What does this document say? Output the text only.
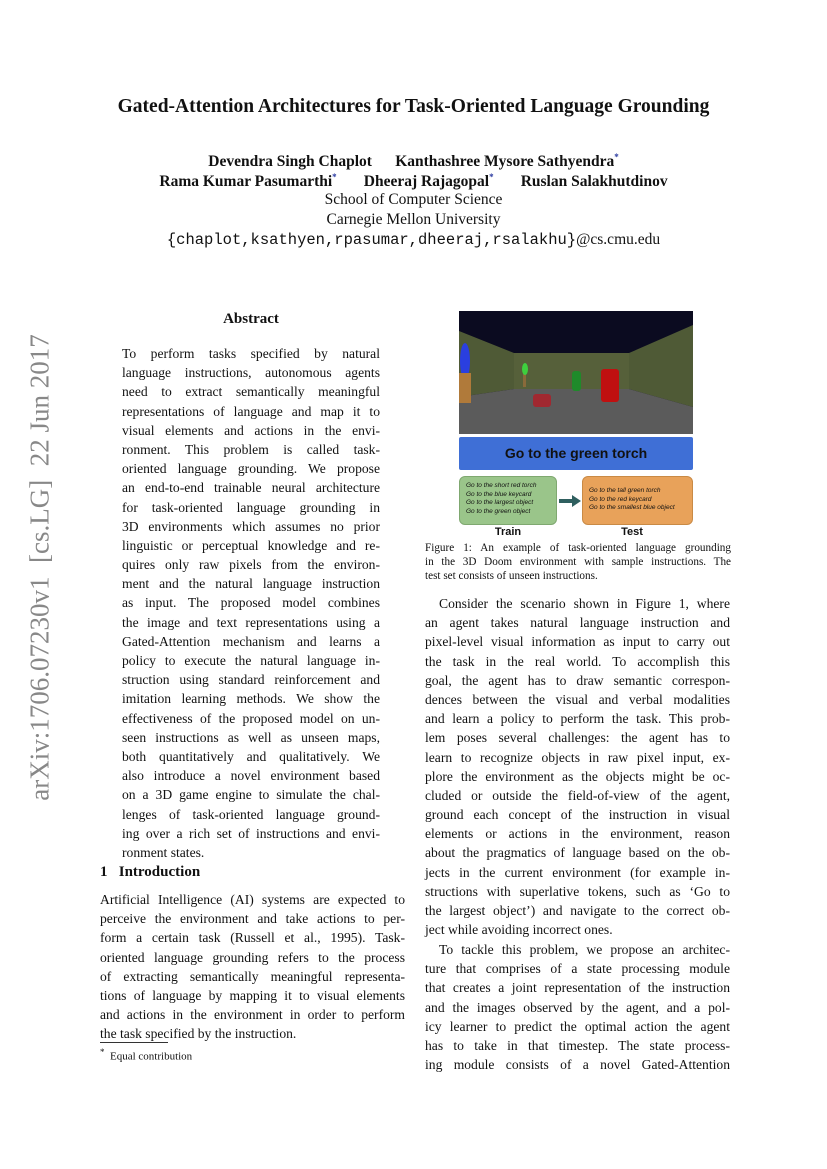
arXiv:1706.07230v1  [cs.LG]  22 Jun 2017
Gated-Attention Architectures for Task-Oriented Language Grounding
Devendra Singh Chaplot Kanthashree Mysore Sathyendra*
Rama Kumar Pasumarthi* Dheeraj Rajagopal* Ruslan Salakhutdinov
School of Computer Science
Carnegie Mellon University
{chaplot,ksathyen,rpasumar,dheeraj,rsalakhu}@cs.cmu.edu
Abstract
To perform tasks specified by natural
language instructions, autonomous agents
need to extract semantically meaningful
representations of language and map it to
visual elements and actions in the envi-
ronment. This problem is called task-
oriented language grounding. We propose
an end-to-end trainable neural architecture
for task-oriented language grounding in
3D environments which assumes no prior
linguistic or perceptual knowledge and re-
quires only raw pixels from the environ-
ment and the natural language instruction
as input. The proposed model combines
the image and text representations using a
Gated-Attention mechanism and learns a
policy to execute the natural language in-
struction using standard reinforcement and
imitation learning methods. We show the
effectiveness of the proposed model on un-
seen instructions as well as unseen maps,
both quantitatively and qualitatively. We
also introduce a novel environment based
on a 3D game engine to simulate the chal-
lenges of task-oriented language ground-
ing over a rich set of instructions and envi-
ronment states.
1 Introduction
Artificial Intelligence (AI) systems are expected to
perceive the environment and take actions to per-
form a certain task (Russell et al., 1995). Task-
oriented language grounding refers to the process
of extracting semantically meaningful representa-
tions of language by mapping it to visual elements
and actions in the environment in order to perform
the task specified by the instruction.
* Equal contribution
Go to the green torch
Go to the short red torch
Go to the blue keycard
Go to the largest object
Go to the green object
Go to the tall green torch
Go to the red keycard
Go to the smallest blue object
Train	Test
Figure 1: An example of task-oriented language grounding
in the 3D Doom environment with sample instructions. The
test set consists of unseen instructions.
Consider the scenario shown in Figure 1, where
an agent takes natural language instruction and
pixel-level visual information as input to carry out
the task in the real world. To accomplish this
goal, the agent has to draw semantic correspon-
dences between the visual and verbal modalities
and learn a policy to perform the task. This prob-
lem poses several challenges: the agent has to
learn to recognize objects in raw pixel input, ex-
plore the environment as the objects might be oc-
cluded or outside the field-of-view of the agent,
ground each concept of the instruction in visual
elements or actions in the environment, reason
about the pragmatics of language based on the ob-
jects in the current environment (for example in-
structions with superlative tokens, such as ‘Go to
the largest object’) and navigate to the correct ob-
ject while avoiding incorrect ones.
To tackle this problem, we propose an architec-
ture that comprises of a state processing module
that creates a joint representation of the instruction
and the images observed by the agent, and a pol-
icy learner to predict the optimal action the agent
has to take in that timestep. The state process-
ing module consists of a novel Gated-Attention
